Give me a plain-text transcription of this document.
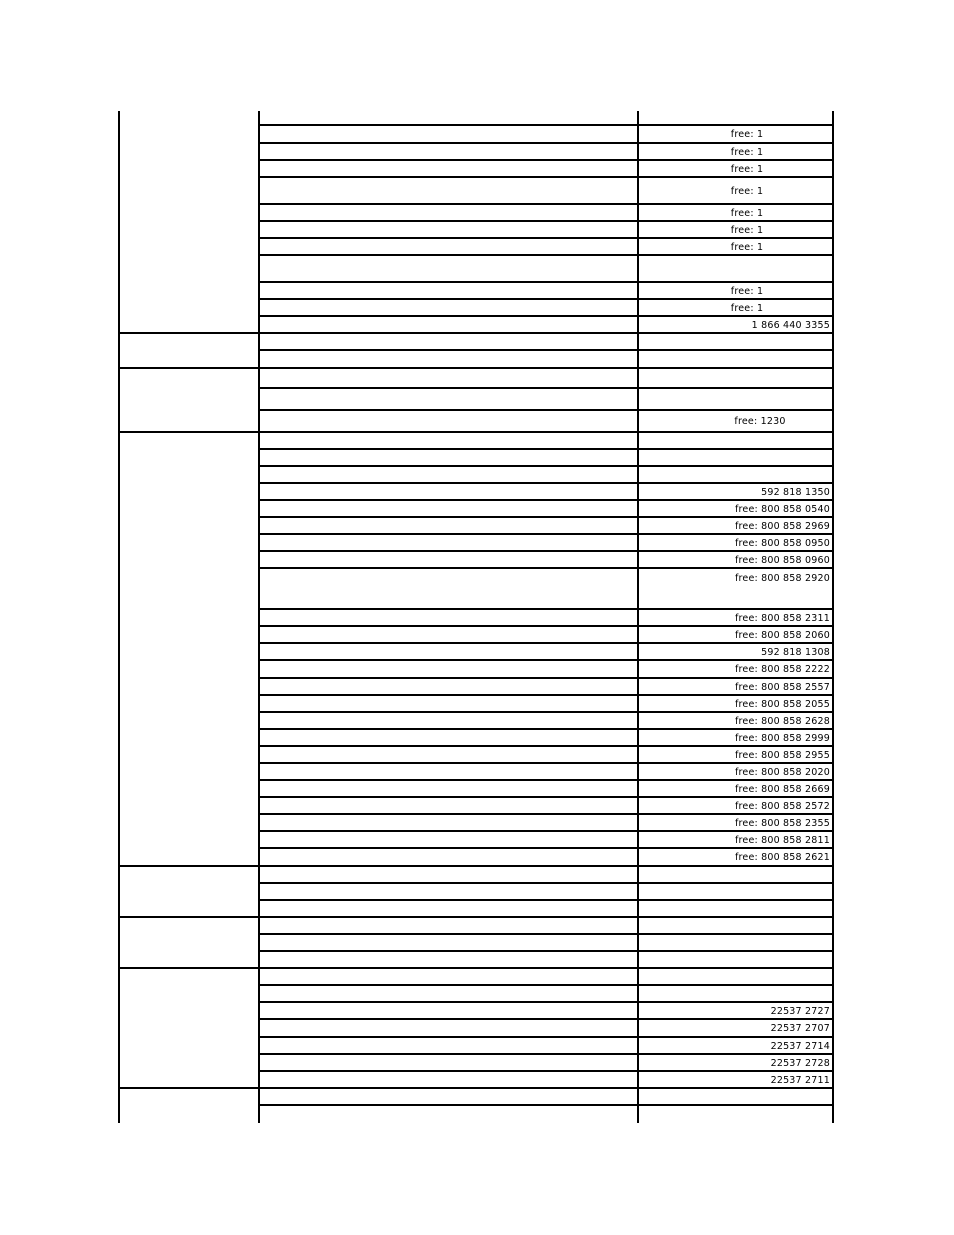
free: 1
free: 1
free: 1
free: 1
free: 1
free: 1
free: 1
free: 1
free: 1
1 866 440 3355
free: 1230
592 818 1350
free: 800 858 0540
free: 800 858 2969
free: 800 858 0950
free: 800 858 0960
free: 800 858 2920
free: 800 858 2311
free: 800 858 2060
592 818 1308
free: 800 858 2222
free: 800 858 2557
free: 800 858 2055
free: 800 858 2628
free: 800 858 2999
free: 800 858 2955
free: 800 858 2020
free: 800 858 2669
free: 800 858 2572
free: 800 858 2355
free: 800 858 2811
free: 800 858 2621
22537 2727
22537 2707
22537 2714
22537 2728
22537 2711
